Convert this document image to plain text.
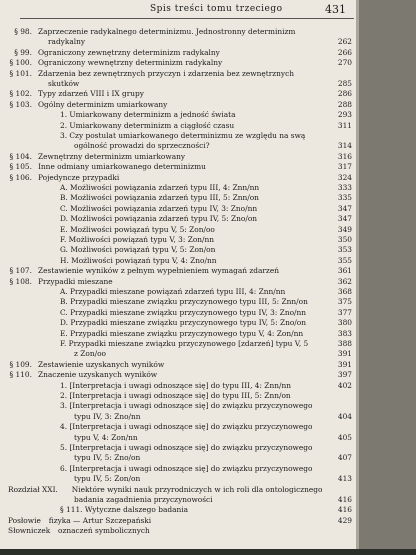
Spis treści tomu trzeciego	431
§ 98. Zaprzeczenie radykalnego determinizmu. Jednostronny determinizm
radykalny	262
§ 99. Ograniczony zewnętrzny determinizm radykalny	266
§ 100. Ograniczony wewnętrzny determinizm radykalny	270
§ 101. Zdarzenia bez zewnętrznych przyczyn i zdarzenia bez zewnętrznych
skutków	285
§ 102. Typy zdarzeń VIII i IX grupy	286
§ 103. Ogólny determinizm umiarkowany	288
1. Umiarkowany determinizm a jedność świata	293
2. Umiarkowany determinizm a ciągłość czasu	311
3. Czy postulat umiarkowanego determinizmu ze względu na swą
ogólność prowadzi do sprzeczności?	314
§ 104. Zewnętrzny determinizm umiarkowany	316
§ 105. Inne odmiany umiarkowanego determinizmu	317
§ 106. Pojedyncze przypadki	324
A. Możliwości powiązania zdarzeń typu III, 4: Znn/nn	333
B. Możliwości powiązania zdarzeń typu III, 5: Znn/on	335
C. Możliwości powiązania zdarzeń typu IV, 3: Zno/nn	347
D. Możliwości powiązania zdarzeń typu IV, 5: Zno/on	347
E. Możliwości powiązań typu V, 5: Zon/oo	349
F. Możliwości powiązań typu V, 3: Zon/nn	350
G. Możliwości powiązań typu V, 5: Zon/on	353
H. Możliwości powiązań typu V, 4: Zno/nn	355
§ 107. Zestawienie wyników z pełnym wypełnieniem wymagań zdarzeń	361
§ 108. Przypadki mieszane	362
A. Przypadki mieszane powiązań zdarzeń typu III, 4: Znn/nn	368
B. Przypadki mieszane związku przyczynowego typu III, 5: Znn/on	375
C. Przypadki mieszane związku przyczynowego typu IV, 3: Zno/nn	377
D. Przypadki mieszane związku przyczynowego typu IV, 5: Zno/on	380
E. Przypadki mieszane związku przyczynowego typu V, 4: Zon/nn	383
F. Przypadki mieszane związku przyczynowego [zdarzeń] typu V, 5	388
z Zon/oo	391
§ 109. Zestawienie uzyskanych wyników	391
§ 110. Znaczenie uzyskanych wyników	397
1. [Interpretacja i uwagi odnoszące się] do typu III, 4: Znn/nn	402
2. [Interpretacja i uwagi odnoszące się] do typu III, 5: Znn/on
3. [Interpretacja i uwagi odnoszące się] do związku przyczynowego
typu IV, 3: Zno/nn	404
4. [Interpretacja i uwagi odnoszące się] do związku przyczynowego
typu V, 4: Zon/nn	405
5. [Interpretacja i uwagi odnoszące się] do związku przyczynowego
typu IV, 5: Zno/on	407
6. [Interpretacja i uwagi odnoszące się] do związku przyczynowego
typu IV, 5: Zon/on	413
Rozdział XXI. Niektóre wyniki nauk przyrodniczych w ich roli dla ontologicznego
badania zagadnienia przyczynowości	416
§ 111. Wytyczne dalszego badania	416
Posłowie fizyka — Artur Szczepański	429
Słowniczek oznaczeń symbolicznych
